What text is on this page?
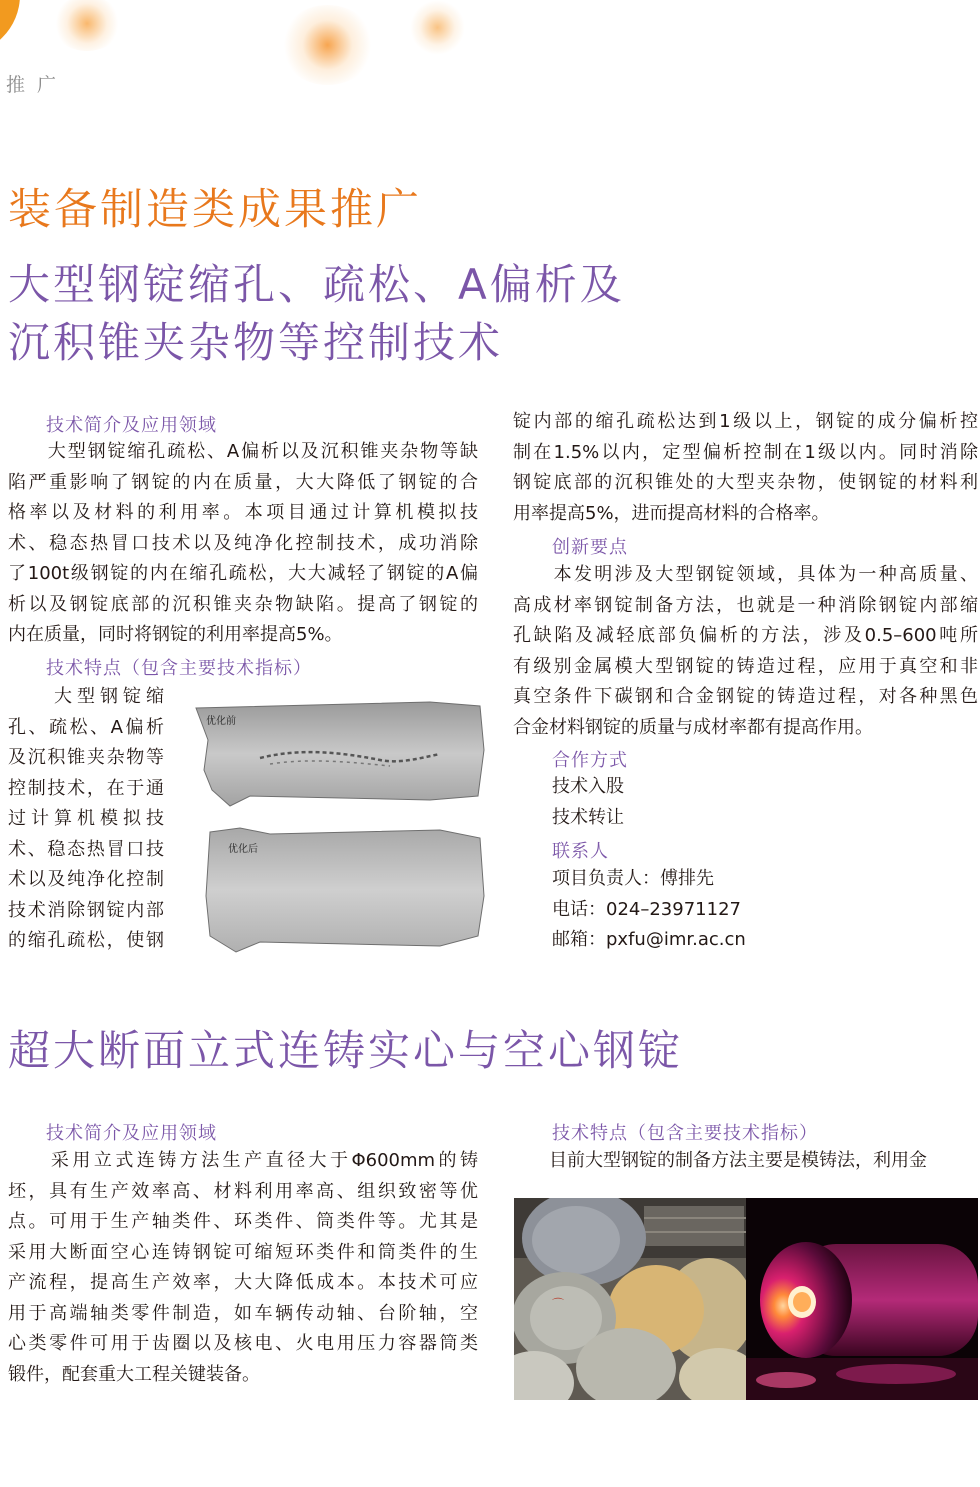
推 广
装备制造类成果推广
大型钢锭缩孔、疏松、A偏析及
沉积锥夹杂物等控制技术
技术简介及应用领域
　　大型钢锭缩孔疏松、A偏析以及沉积锥夹杂物等缺
陷严重影响了钢锭的内在质量，大大降低了钢锭的合
格率以及材料的利用率。本项目通过计算机模拟技
术、稳态热冒口技术以及纯净化控制技术，成功消除
了100t级钢锭的内在缩孔疏松，大大减轻了钢锭的A偏
析以及钢锭底部的沉积锥夹杂物缺陷。提高了钢锭的
内在质量，同时将钢锭的利用率提高5%。
技术特点（包含主要技术指标）
　　大型钢锭缩
孔、疏松、A偏析
及沉积锥夹杂物等
控制技术，在于通
过计算机模拟技
术、稳态热冒口技
术以及纯净化控制
技术消除钢锭内部
的缩孔疏松，使钢
优化前
优化后
锭内部的缩孔疏松达到1级以上，钢锭的成分偏析控
制在1.5%以内，定型偏析控制在1级以内。同时消除
钢锭底部的沉积锥处的大型夹杂物，使钢锭的材料利
用率提高5%，进而提高材料的合格率。
创新要点
　　本发明涉及大型钢锭领域，具体为一种高质量、
高成材率钢锭制备方法，也就是一种消除钢锭内部缩
孔缺陷及减轻底部负偏析的方法，涉及0.5–600吨所
有级别金属模大型钢锭的铸造过程，应用于真空和非
真空条件下碳钢和合金钢锭的铸造过程，对各种黑色
合金材料钢锭的质量与成材率都有提高作用。
合作方式
技术入股
技术转让
联系人
项目负责人：傅排先
电话：024–23971127
邮箱：pxfu@imr.ac.cn
超大断面立式连铸实心与空心钢锭
技术简介及应用领域
　　采用立式连铸方法生产直径大于Φ600mm的铸
坯，具有生产效率高、材料利用率高、组织致密等优
点。可用于生产轴类件、环类件、筒类件等。尤其是
采用大断面空心连铸钢锭可缩短环类件和筒类件的生
产流程，提高生产效率，大大降低成本。本技术可应
用于高端轴类零件制造，如车辆传动轴、台阶轴，空
心类零件可用于齿圈以及核电、火电用压力容器筒类
锻件，配套重大工程关键装备。
技术特点（包含主要技术指标）
　　目前大型钢锭的制备方法主要是模铸法，利用金
⌒
